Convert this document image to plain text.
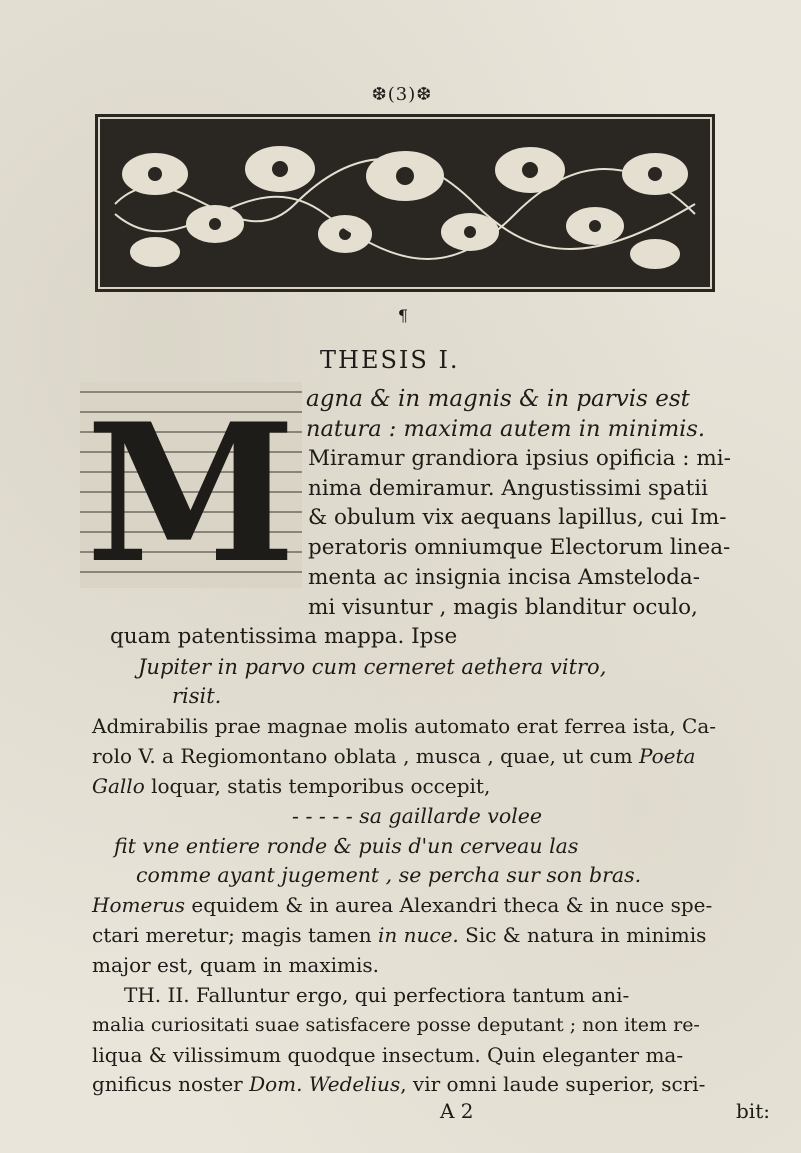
❆(3)❆
¶
THESIS I.
M agna & in magnis & in parvis est
natura : maxima autem in minimis.
Miramur grandiora ipsius opificia : mi-
nima demiramur. Angustissimi spatii
& obulum vix aequans lapillus, cui Im-
peratoris omniumque Electorum linea-
menta ac insignia incisa Amsteloda-
mi visuntur , magis blanditur oculo,
quam patentissima mappa. Ipse
Jupiter in parvo cum cerneret aethera vitro,
risit.
Admirabilis prae magnae molis automato erat ferrea ista, Ca-
rolo V. a Regiomontano oblata , musca , quae, ut cum Poeta
Gallo loquar, statis temporibus occepit,
- - - - - sa gaillarde volee
fit vne entiere ronde & puis d'un cerveau las
comme ayant jugement , se percha sur son bras.
Homerus equidem & in aurea Alexandri theca & in nuce spe-
ctari meretur; magis tamen in nuce. Sic & natura in minimis
major est, quam in maximis.
TH. II. Falluntur ergo, qui perfectiora tantum ani-
malia curiositati suae satisfacere posse deputant ; non item re-
liqua & vilissimum quodque insectum. Quin eleganter ma-
gnificus noster Dom. Wedelius, vir omni laude superior, scri-
A 2	bit:
